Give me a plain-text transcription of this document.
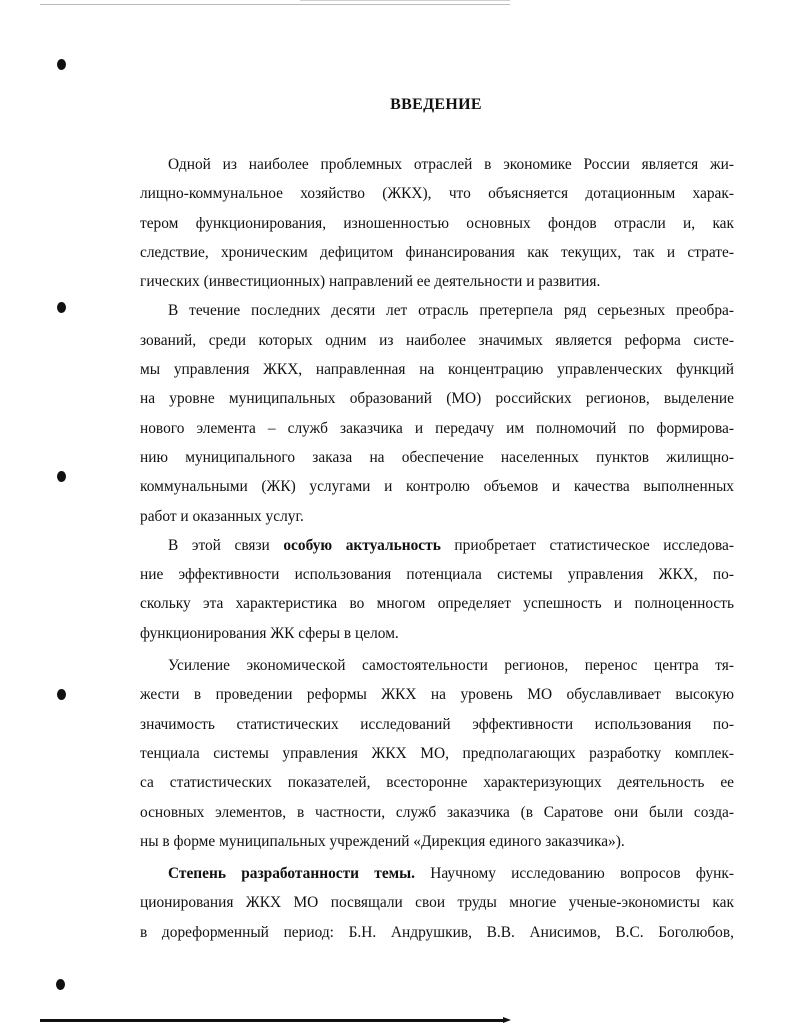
ВВЕДЕНИЕ
Одной из наиболее проблемных отраслей в экономике России является жи-
лищно-коммунальное хозяйство (ЖКХ), что объясняется дотационным харак-
тером функционирования, изношенностью основных фондов отрасли и, как
следствие, хроническим дефицитом финансирования как текущих, так и страте-
гических (инвестиционных) направлений ее деятельности и развития.
В течение последних десяти лет отрасль претерпела ряд серьезных преобра-
зований, среди которых одним из наиболее значимых является реформа систе-
мы управления ЖКХ, направленная на концентрацию управленческих функций
на уровне муниципальных образований (МО) российских регионов, выделение
нового элемента – служб заказчика и передачу им полномочий по формирова-
нию муниципального заказа на обеспечение населенных пунктов жилищно-
коммунальными (ЖК) услугами и контролю объемов и качества выполненных
работ и оказанных услуг.
В этой связи особую актуальность приобретает статистическое исследова-
ние эффективности использования потенциала системы управления ЖКХ, по-
скольку эта характеристика во многом определяет успешность и полноценность
функционирования ЖК сферы в целом.
Усиление экономической самостоятельности регионов, перенос центра тя-
жести в проведении реформы ЖКХ на уровень МО обуславливает высокую
значимость статистических исследований эффективности использования по-
тенциала системы управления ЖКХ МО, предполагающих разработку комплек-
са статистических показателей, всесторонне характеризующих деятельность ее
основных элементов, в частности, служб заказчика (в Саратове они были созда-
ны в форме муниципальных учреждений «Дирекция единого заказчика»).
Степень разработанности темы. Научному исследованию вопросов функ-
ционирования ЖКХ МО посвящали свои труды многие ученые-экономисты как
в дореформенный период: Б.Н. Андрушкив, В.В. Анисимов, В.С. Боголюбов,
